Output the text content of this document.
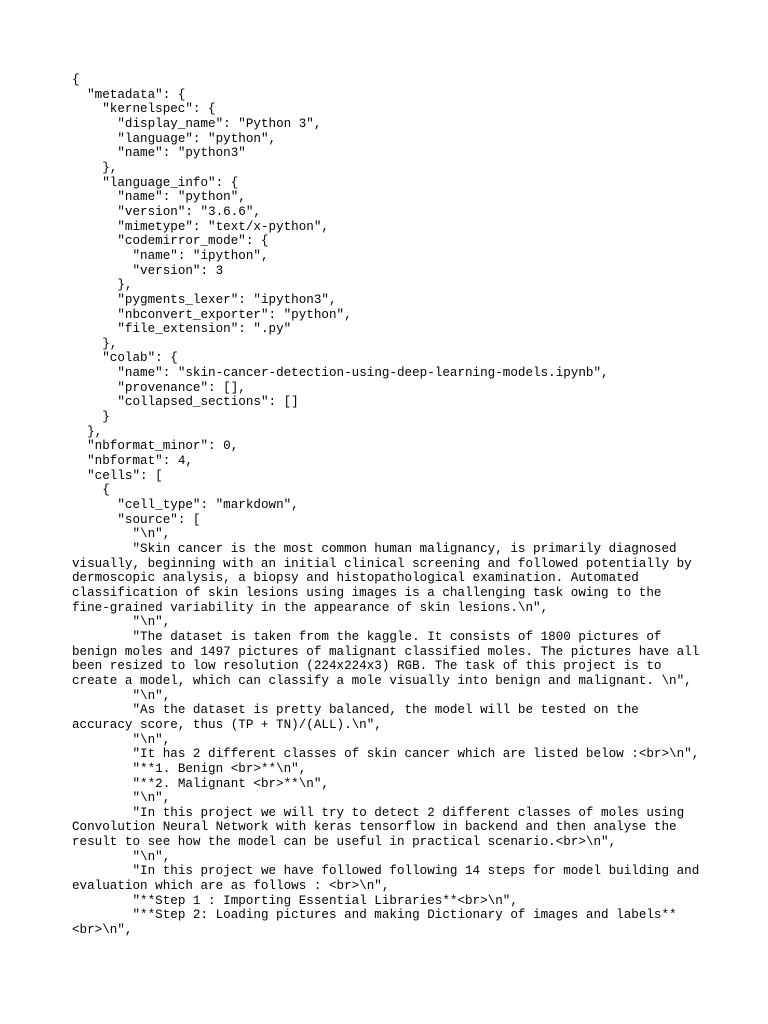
{
"metadata": {
"kernelspec": {
"display_name": "Python 3",
"language": "python",
"name": "python3"
},
"language_info": {
"name": "python",
"version": "3.6.6",
"mimetype": "text/x-python",
"codemirror_mode": {
"name": "ipython",
"version": 3
},
"pygments_lexer": "ipython3",
"nbconvert_exporter": "python",
"file_extension": ".py"
},
"colab": {
"name": "skin-cancer-detection-using-deep-learning-models.ipynb",
"provenance": [],
"collapsed_sections": []
}
},
"nbformat_minor": 0,
"nbformat": 4,
"cells": [
{
"cell_type": "markdown",
"source": [
"\n",
"Skin cancer is the most common human malignancy, is primarily diagnosed visually, beginning with an initial clinical screening and followed potentially by dermoscopic analysis, a biopsy and histopathological examination. Automated classification of skin lesions using images is a challenging task owing to the fine-grained variability in the appearance of skin lesions.\n",
"\n",
"The dataset is taken from the kaggle. It consists of 1800 pictures of benign moles and 1497 pictures of malignant classified moles. The pictures have all been resized to low resolution (224x224x3) RGB. The task of this project is to create a model, which can classify a mole visually into benign and malignant. \n",
"\n",
"As the dataset is pretty balanced, the model will be tested on the accuracy score, thus (TP + TN)/(ALL).\n",
"\n",
"It has 2 different classes of skin cancer which are listed below :<br>\n",
"**1. Benign <br>**\n",
"**2. Malignant <br>**\n",
"\n",
"In this project we will try to detect 2 different classes of moles using Convolution Neural Network with keras tensorflow in backend and then analyse the result to see how the model can be useful in practical scenario.<br>\n",
"\n",
"In this project we have followed following 14 steps for model building and evaluation which are as follows : <br>\n",
"**Step 1 : Importing Essential Libraries**<br>\n",
"**Step 2: Loading pictures and making Dictionary of images and labels** <br>\n",
